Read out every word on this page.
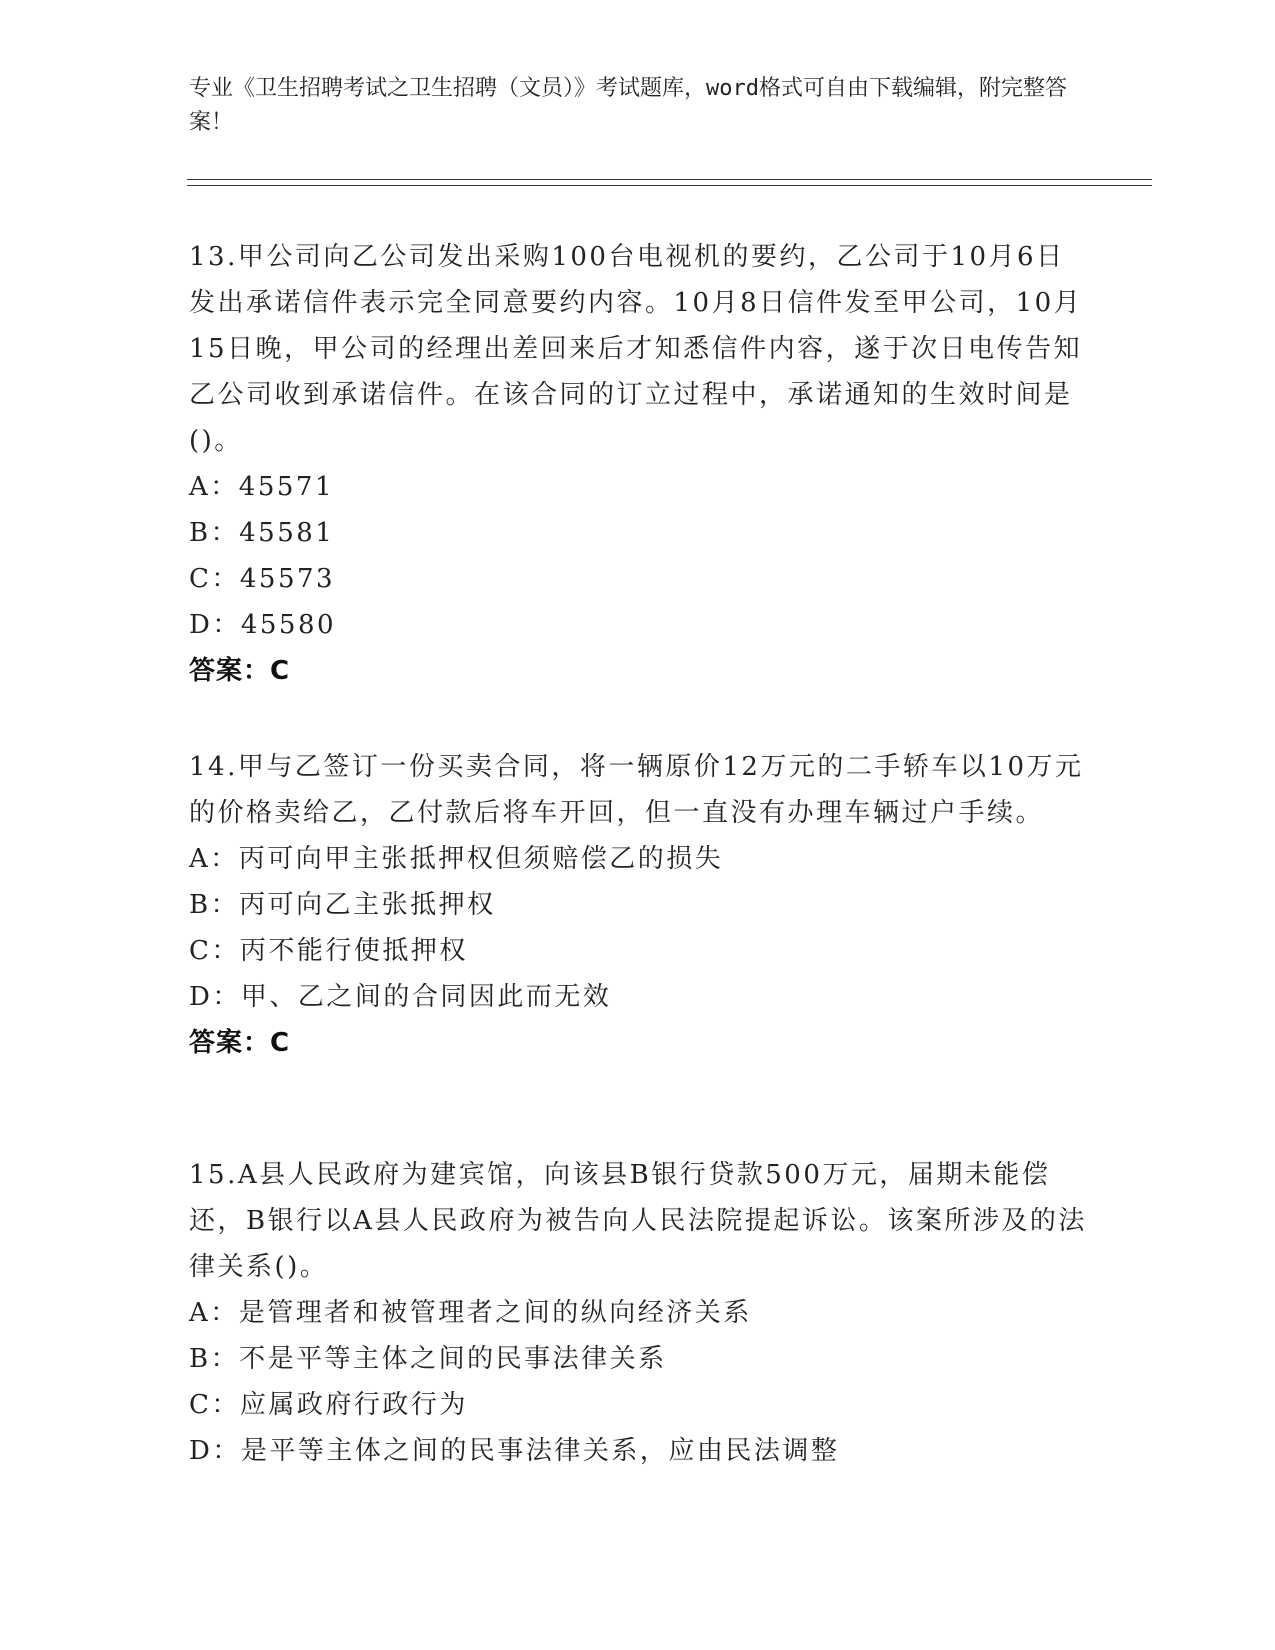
专业《卫生招聘考试之卫生招聘（文员）》考试题库，word格式可自由下载编辑，附完整答案！

13.甲公司向乙公司发出采购100台电视机的要约，乙公司于10月6日发出承诺信件表示完全同意要约内容。10月8日信件发至甲公司，10月15日晚，甲公司的经理出差回来后才知悉信件内容，遂于次日电传告知乙公司收到承诺信件。在该合同的订立过程中，承诺通知的生效时间是()。

A：45571

B：45581

C：45573

D：45580

答案：C

14.甲与乙签订一份买卖合同，将一辆原价12万元的二手轿车以10万元的价格卖给乙，乙付款后将车开回，但一直没有办理车辆过户手续。

A：丙可向甲主张抵押权但须赔偿乙的损失

B：丙可向乙主张抵押权

C：丙不能行使抵押权

D：甲、乙之间的合同因此而无效

答案：C

15.A县人民政府为建宾馆，向该县B银行贷款500万元，届期未能偿还，B银行以A县人民政府为被告向人民法院提起诉讼。该案所涉及的法律关系()。

A：是管理者和被管理者之间的纵向经济关系

B：不是平等主体之间的民事法律关系

C：应属政府行政行为

D：是平等主体之间的民事法律关系，应由民法调整
